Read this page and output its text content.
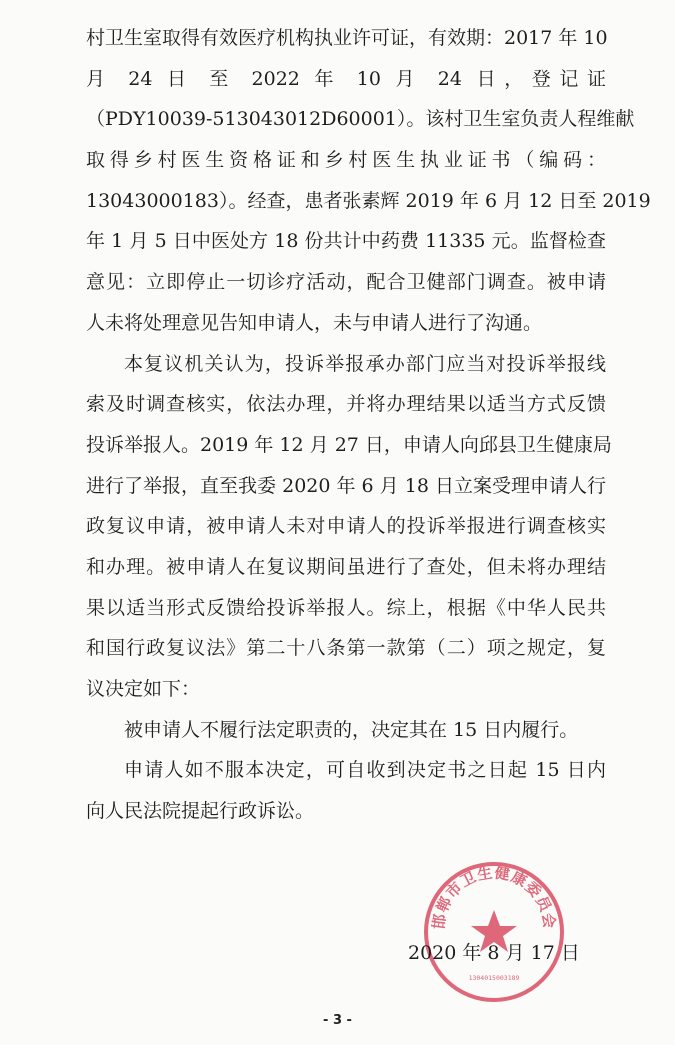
村卫生室取得有效医疗机构执业许可证，有效期：2017 年 10
月 24 日 至 2022 年 10 月 24 日，登记证
（PDY10039-513043012D60001）。该村卫生室负责人程维献
取得乡村医生资格证和乡村医生执业证书（编码：
13043000183）。经查，患者张素辉 2019 年 6 月 12 日至 2019
年 1 月 5 日中医处方 18 份共计中药费 11335 元。监督检查
意见：立即停止一切诊疗活动，配合卫健部门调查。被申请
人未将处理意见告知申请人，未与申请人进行了沟通。
本复议机关认为，投诉举报承办部门应当对投诉举报线
索及时调查核实，依法办理，并将办理结果以适当方式反馈
投诉举报人。2019 年 12 月 27 日，申请人向邱县卫生健康局
进行了举报，直至我委 2020 年 6 月 18 日立案受理申请人行
政复议申请，被申请人未对申请人的投诉举报进行调查核实
和办理。被申请人在复议期间虽进行了查处，但未将办理结
果以适当形式反馈给投诉举报人。综上，根据《中华人民共
和国行政复议法》第二十八条第一款第（二）项之规定，复
议决定如下：
被申请人不履行法定职责的，决定其在 15 日内履行。
申请人如不服本决定，可自收到决定书之日起 15 日内
向人民法院提起行政诉讼。
邯郸市卫生健康委员会
1304015003189
2020 年 8 月 17 日
- 3 -
